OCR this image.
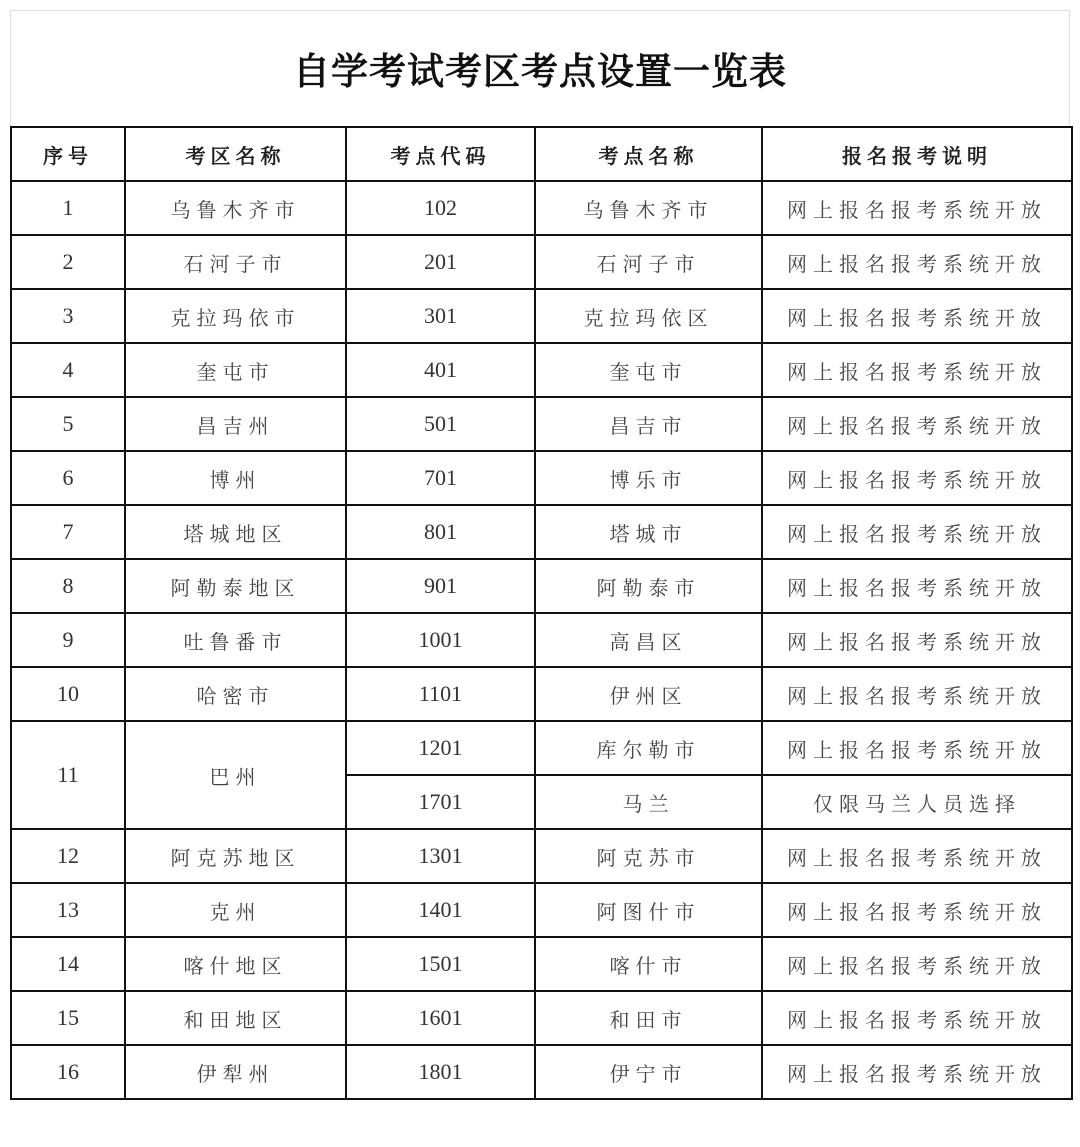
自学考试考区考点设置一览表
序号	考区名称	考点代码	考点名称	报名报考说明
1	乌鲁木齐市	102	乌鲁木齐市	网上报名报考系统开放
2	石河子市	201	石河子市	网上报名报考系统开放
3	克拉玛依市	301	克拉玛依区	网上报名报考系统开放
4	奎屯市	401	奎屯市	网上报名报考系统开放
5	昌吉州	501	昌吉市	网上报名报考系统开放
6	博州	701	博乐市	网上报名报考系统开放
7	塔城地区	801	塔城市	网上报名报考系统开放
8	阿勒泰地区	901	阿勒泰市	网上报名报考系统开放
9	吐鲁番市	1001	高昌区	网上报名报考系统开放
10	哈密市	1101	伊州区	网上报名报考系统开放
11	巴州	1201	库尔勒市	网上报名报考系统开放
		1701	马兰	仅限马兰人员选择
12	阿克苏地区	1301	阿克苏市	网上报名报考系统开放
13	克州	1401	阿图什市	网上报名报考系统开放
14	喀什地区	1501	喀什市	网上报名报考系统开放
15	和田地区	1601	和田市	网上报名报考系统开放
16	伊犁州	1801	伊宁市	网上报名报考系统开放
